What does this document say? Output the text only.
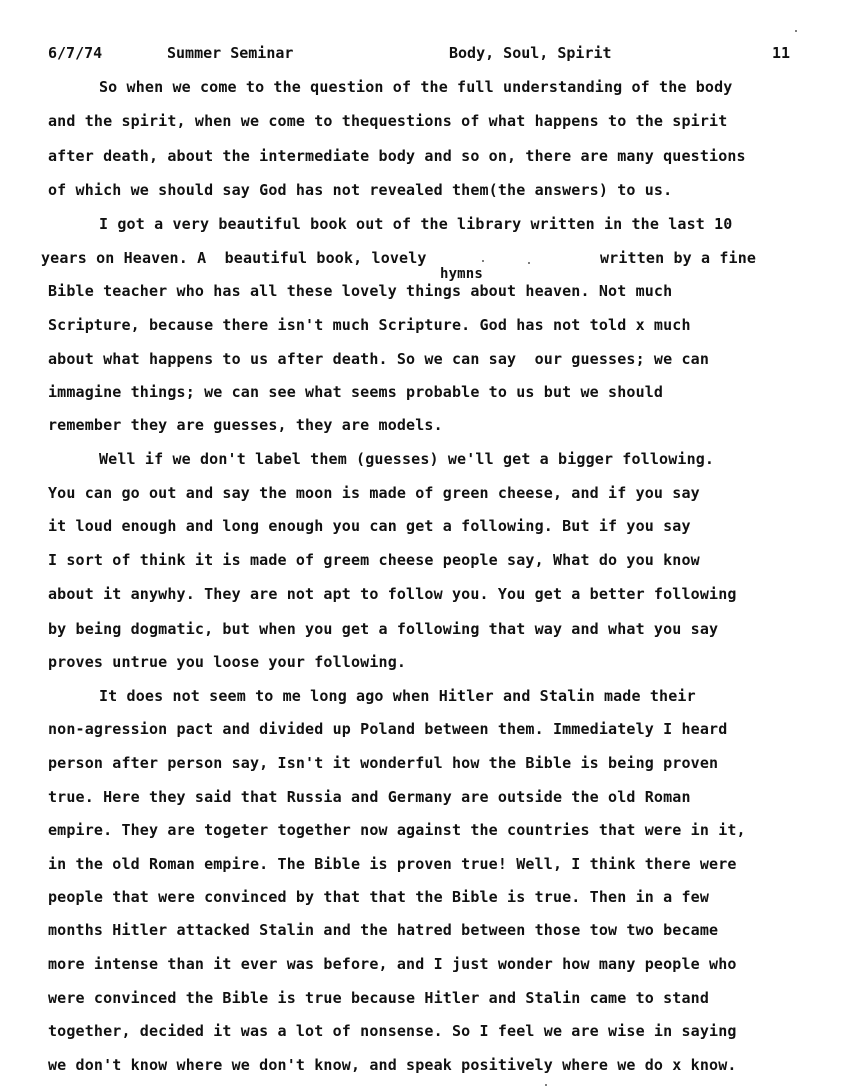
6/7/74	Summer Seminar	Body, Soul, Spirit	11
So when we come to the question of the full understanding of the body
and the spirit, when we come to thequestions of what happens to the spirit
after death, about the intermediate body and so on, there are many questions
of which we should say God has not revealed them(the answers) to us.
I got a very beautiful book out of the library written in the last 10
years on Heaven. A  beautiful book, lovely	written by a fine
hymns
Bible teacher who has all these lovely things about heaven. Not much
Scripture, because there isn't much Scripture. God has not told x much
about what happens to us after death. So we can say  our guesses; we can
immagine things; we can see what seems probable to us but we should
remember they are guesses, they are models.
Well if we don't label them (guesses) we'll get a bigger following.
You can go out and say the moon is made of green cheese, and if you say
it loud enough and long enough you can get a following. But if you say
I sort of think it is made of greem cheese people say, What do you know
about it anywhy. They are not apt to follow you. You get a better following
by being dogmatic, but when you get a following that way and what you say
proves untrue you loose your following.
It does not seem to me long ago when Hitler and Stalin made their
non-agression pact and divided up Poland between them. Immediately I heard
person after person say, Isn't it wonderful how the Bible is being proven
true. Here they said that Russia and Germany are outside the old Roman
empire. They are togeter together now against the countries that were in it,
in the old Roman empire. The Bible is proven true! Well, I think there were
people that were convinced by that that the Bible is true. Then in a few
months Hitler attacked Stalin and the hatred between those tow two became
more intense than it ever was before, and I just wonder how many people who
were convinced the Bible is true because Hitler and Stalin came to stand
together, decided it was a lot of nonsense. So I feel we are wise in saying
we don't know where we don't know, and speak positively where we do x know.
